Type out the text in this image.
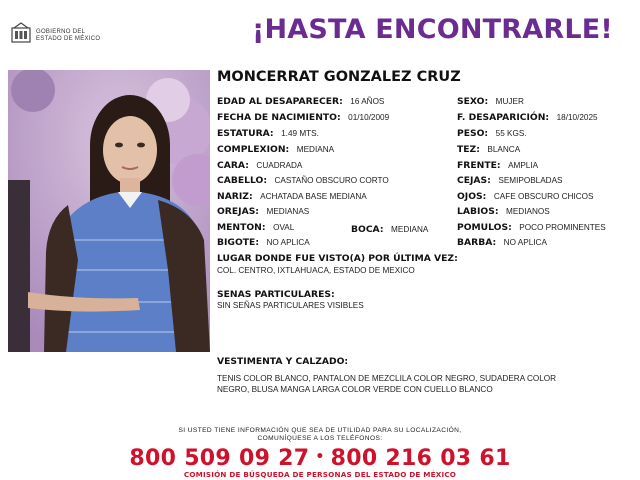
GOBIERNO DEL
ESTADO DE MÉXICO	¡HASTA ENCONTRARLE!
MONCERRAT GONZALEZ CRUZ
EDAD AL DESAPARECER: 16 AÑOS
FECHA DE NACIMIENTO: 01/10/2009
ESTATURA: 1.49 MTS.
COMPLEXION: MEDIANA
CARA: CUADRADA
CABELLO: CASTAÑO OBSCURO CORTO
NARIZ: ACHATADA BASE MEDIANA
OREJAS: MEDIANAS
MENTON: OVAL	BOCA: MEDIANA
BIGOTE: NO APLICA
SEXO: MUJER
F. DESAPARICIÓN: 18/10/2025
PESO: 55 KGS.
TEZ: BLANCA
FRENTE: AMPLIA
CEJAS: SEMIPOBLADAS
OJOS: CAFE OBSCURO CHICOS
LABIOS: MEDIANOS
POMULOS: POCO PROMINENTES
BARBA: NO APLICA
LUGAR DONDE FUE VISTO(A) POR ÚLTIMA VEZ:
COL. CENTRO, IXTLAHUACA, ESTADO DE MEXICO
SENAS PARTICULARES:
SIN SEÑAS PARTICULARES VISIBLES
VESTIMENTA Y CALZADO:
TENIS COLOR BLANCO, PANTALON DE MEZCLILA COLOR NEGRO, SUDADERA COLOR
NEGRO, BLUSA MANGA LARGA COLOR VERDE CON CUELLO BLANCO
SI USTED TIENE INFORMACIÓN QUE SEA DE UTILIDAD PARA SU LOCALIZACIÓN,
COMUNÍQUESE A LOS TELÉFONOS:
800 509 09 27 • 800 216 03 61
COMISIÓN DE BÚSQUEDA DE PERSONAS DEL ESTADO DE MÉXICO
